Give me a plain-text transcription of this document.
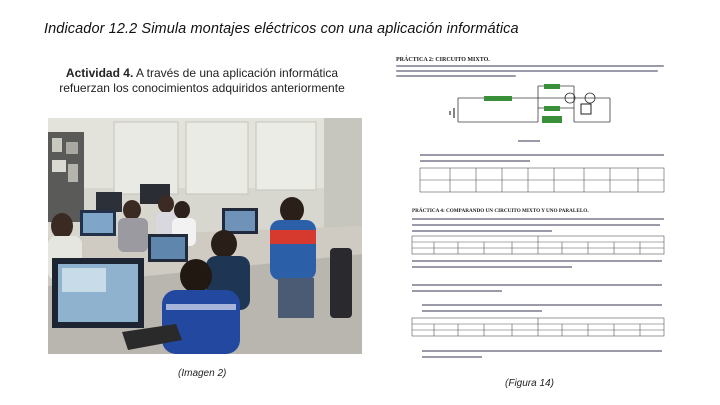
Indicador 12.2 Simula montajes eléctricos con una aplicación informática
Actividad 4. A través de una aplicación informática refuerzan los conocimientos adquiridos anteriormente
(Imagen 2)
PRÁCTICA 2: CIRCUITO MIXTO.
PRÁCTICA 4: COMPARANDO UN CIRCUITO MIXTO Y UNO PARALELO.
(Figura 14)
